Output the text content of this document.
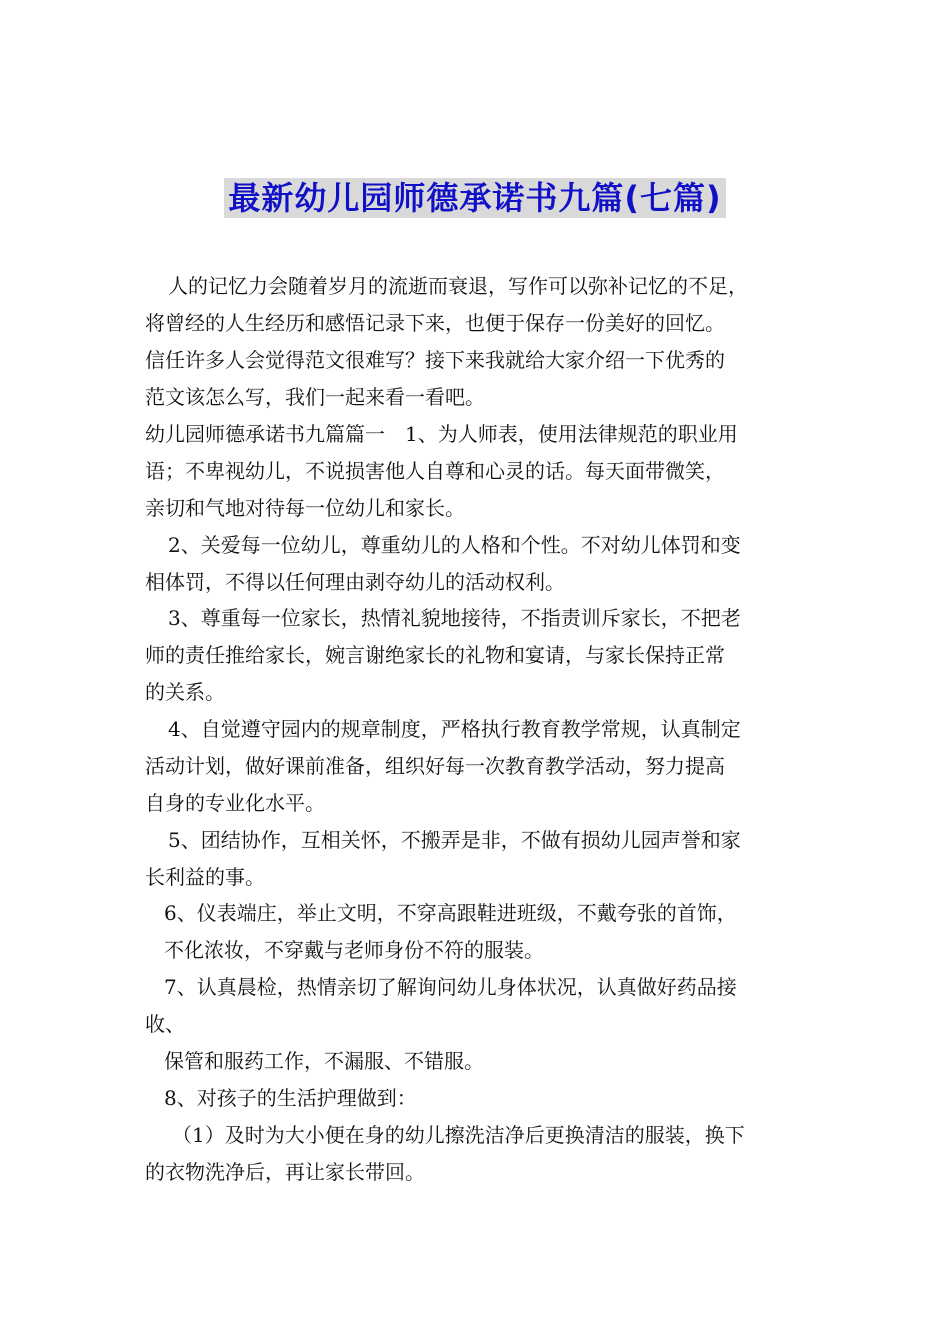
最新幼儿园师德承诺书九篇(七篇)
人的记忆力会随着岁月的流逝而衰退，写作可以弥补记忆的不足，
将曾经的人生经历和感悟记录下来，也便于保存一份美好的回忆。
信任许多人会觉得范文很难写？接下来我就给大家介绍一下优秀的
范文该怎么写，我们一起来看一看吧。
幼儿园师德承诺书九篇篇一　1、为人师表，使用法律规范的职业用
语；不卑视幼儿，不说损害他人自尊和心灵的话。每天面带微笑，
亲切和气地对待每一位幼儿和家长。
2、关爱每一位幼儿，尊重幼儿的人格和个性。不对幼儿体罚和变
相体罚，不得以任何理由剥夺幼儿的活动权利。
3、尊重每一位家长，热情礼貌地接待，不指责训斥家长，不把老
师的责任推给家长，婉言谢绝家长的礼物和宴请，与家长保持正常
的关系。
4、自觉遵守园内的规章制度，严格执行教育教学常规，认真制定
活动计划，做好课前准备，组织好每一次教育教学活动，努力提高
自身的专业化水平。
5、团结协作，互相关怀，不搬弄是非，不做有损幼儿园声誉和家
长利益的事。
6、仪表端庄，举止文明，不穿高跟鞋进班级，不戴夸张的首饰，
不化浓妆，不穿戴与老师身份不符的服装。
7、认真晨检，热情亲切了解询问幼儿身体状况，认真做好药品接
收、
保管和服药工作，不漏服、不错服。
8、对孩子的生活护理做到：
（1）及时为大小便在身的幼儿擦洗洁净后更换清洁的服装，换下
的衣物洗净后，再让家长带回。
